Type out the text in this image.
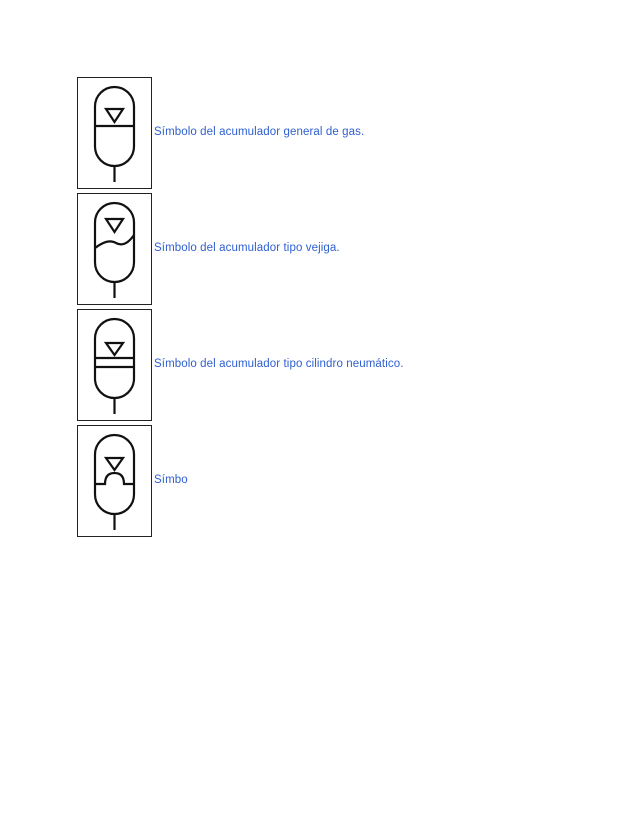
Símbolo del acumulador general de gas.
Símbolo del acumulador tipo vejiga.
Símbolo del acumulador tipo cilindro neumático.
Símbo
